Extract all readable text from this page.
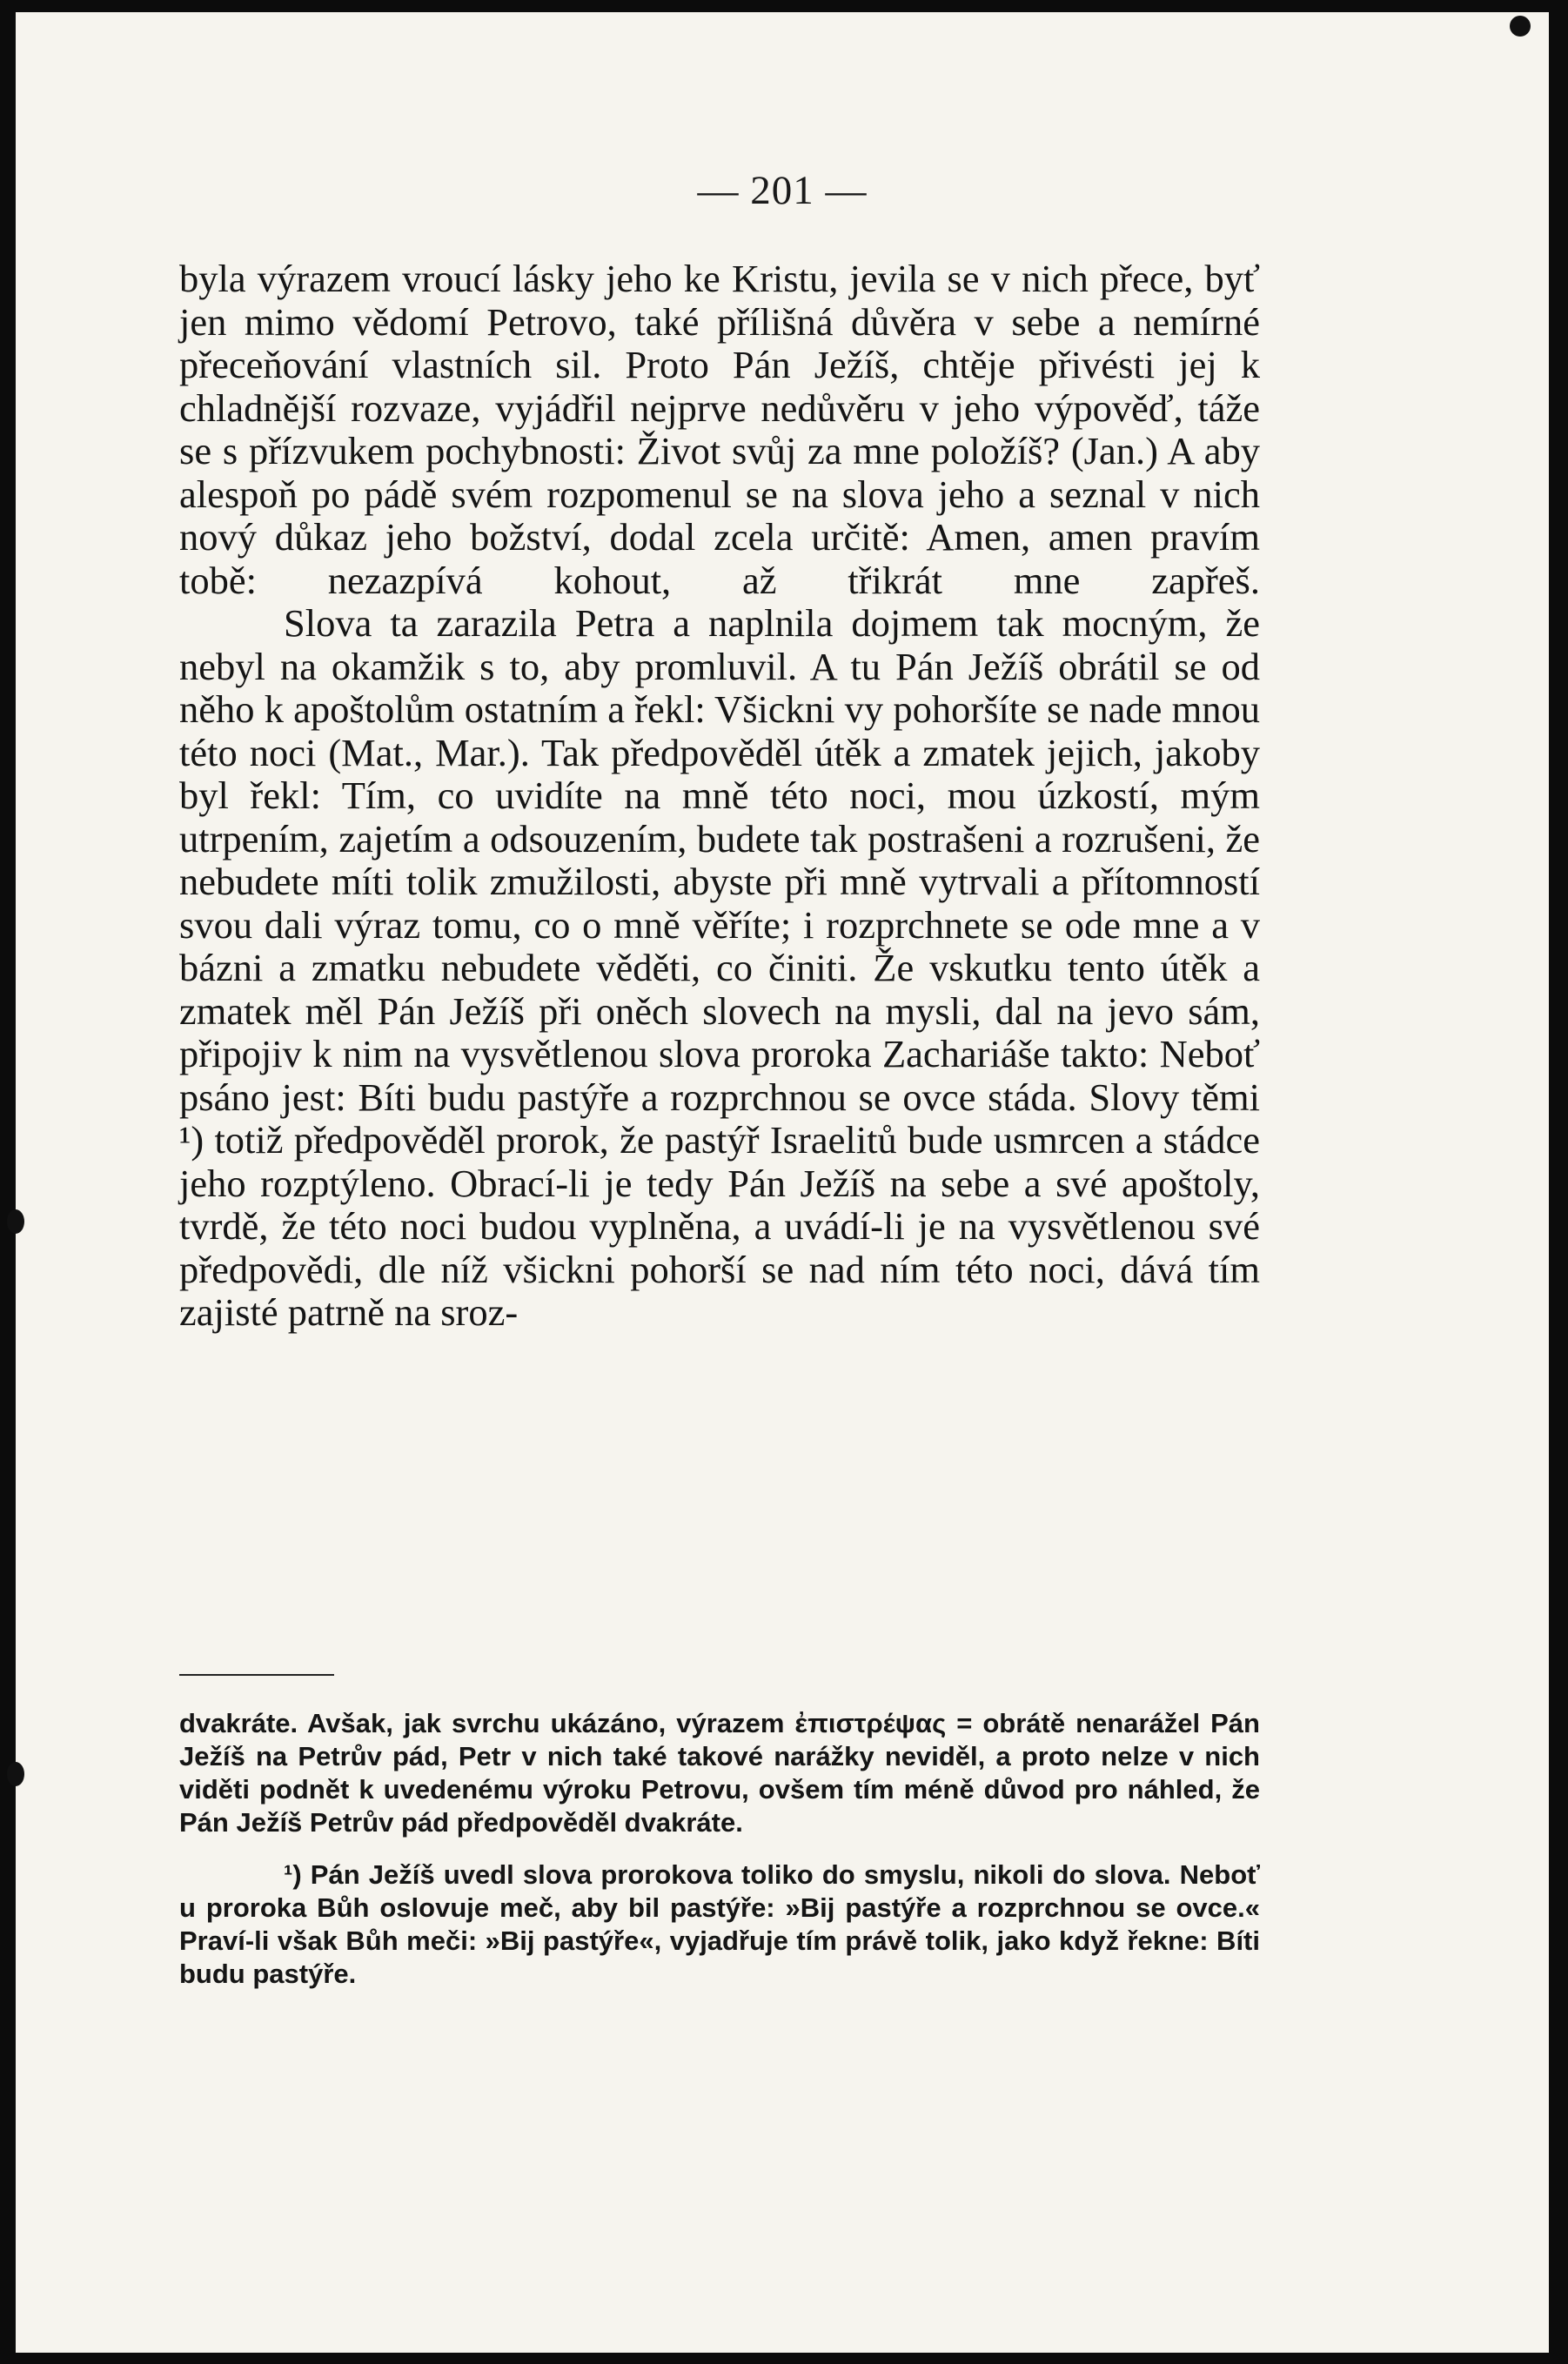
— 201 —

byla výrazem vroucí lásky jeho ke Kristu, jevila se v nich přece, byť jen mimo vědomí Petrovo, také přílišná důvěra v sebe a nemírné přeceňování vlastních sil. Proto Pán Ježíš, chtěje přivésti jej k chladnější rozvaze, vyjádřil nejprve nedůvěru v jeho výpověď, táže se s přízvukem pochybnosti: Život svůj za mne položíš? (Jan.) A aby alespoň po pádě svém rozpomenul se na slova jeho a seznal v nich nový důkaz jeho božství, dodal zcela určitě: Amen, amen pravím tobě: nezazpívá kohout, až třikrát mne zapřeš.

Slova ta zarazila Petra a naplnila dojmem tak mocným, že nebyl na okamžik s to, aby promluvil. A tu Pán Ježíš obrátil se od něho k apoštolům ostatním a řekl: Všickni vy pohoršíte se nade mnou této noci (Mat., Mar.). Tak předpověděl útěk a zmatek jejich, jakoby byl řekl: Tím, co uvidíte na mně této noci, mou úzkostí, mým utrpením, zajetím a odsouzením, budete tak postrašeni a rozrušeni, že nebudete míti tolik zmužilosti, abyste při mně vytrvali a přítomností svou dali výraz tomu, co o mně věříte; i rozprchnete se ode mne a v bázni a zmatku nebudete věděti, co činiti. Že vskutku tento útěk a zmatek měl Pán Ježíš při oněch slovech na mysli, dal na jevo sám, připojiv k nim na vysvětlenou slova proroka Zachariáše takto: Neboť psáno jest: Bíti budu pastýře a rozprchnou se ovce stáda. Slovy těmi ¹) totiž předpověděl prorok, že pastýř Israelitů bude usmrcen a stádce jeho rozptýleno. Obrací-li je tedy Pán Ježíš na sebe a své apoštoly, tvrdě, že této noci budou vyplněna, a uvádí-li je na vysvětlenou své předpovědi, dle níž všickni pohorší se nad ním této noci, dává tím zajisté patrně na sroz-

dvakráte. Avšak, jak svrchu ukázáno, výrazem ἐπιστρέψας = obrátě nenarážel Pán Ježíš na Petrův pád, Petr v nich také takové narážky neviděl, a proto nelze v nich viděti podnět k uvedenému výroku Petrovu, ovšem tím méně důvod pro náhled, že Pán Ježíš Petrův pád předpověděl dvakráte.

¹) Pán Ježíš uvedl slova prorokova toliko do smyslu, nikoli do slova. Neboť u proroka Bůh oslovuje meč, aby bil pastýře: »Bij pastýře a rozprchnou se ovce.« Praví-li však Bůh meči: »Bij pastýře«, vyjadřuje tím právě tolik, jako když řekne: Bíti budu pastýře.
